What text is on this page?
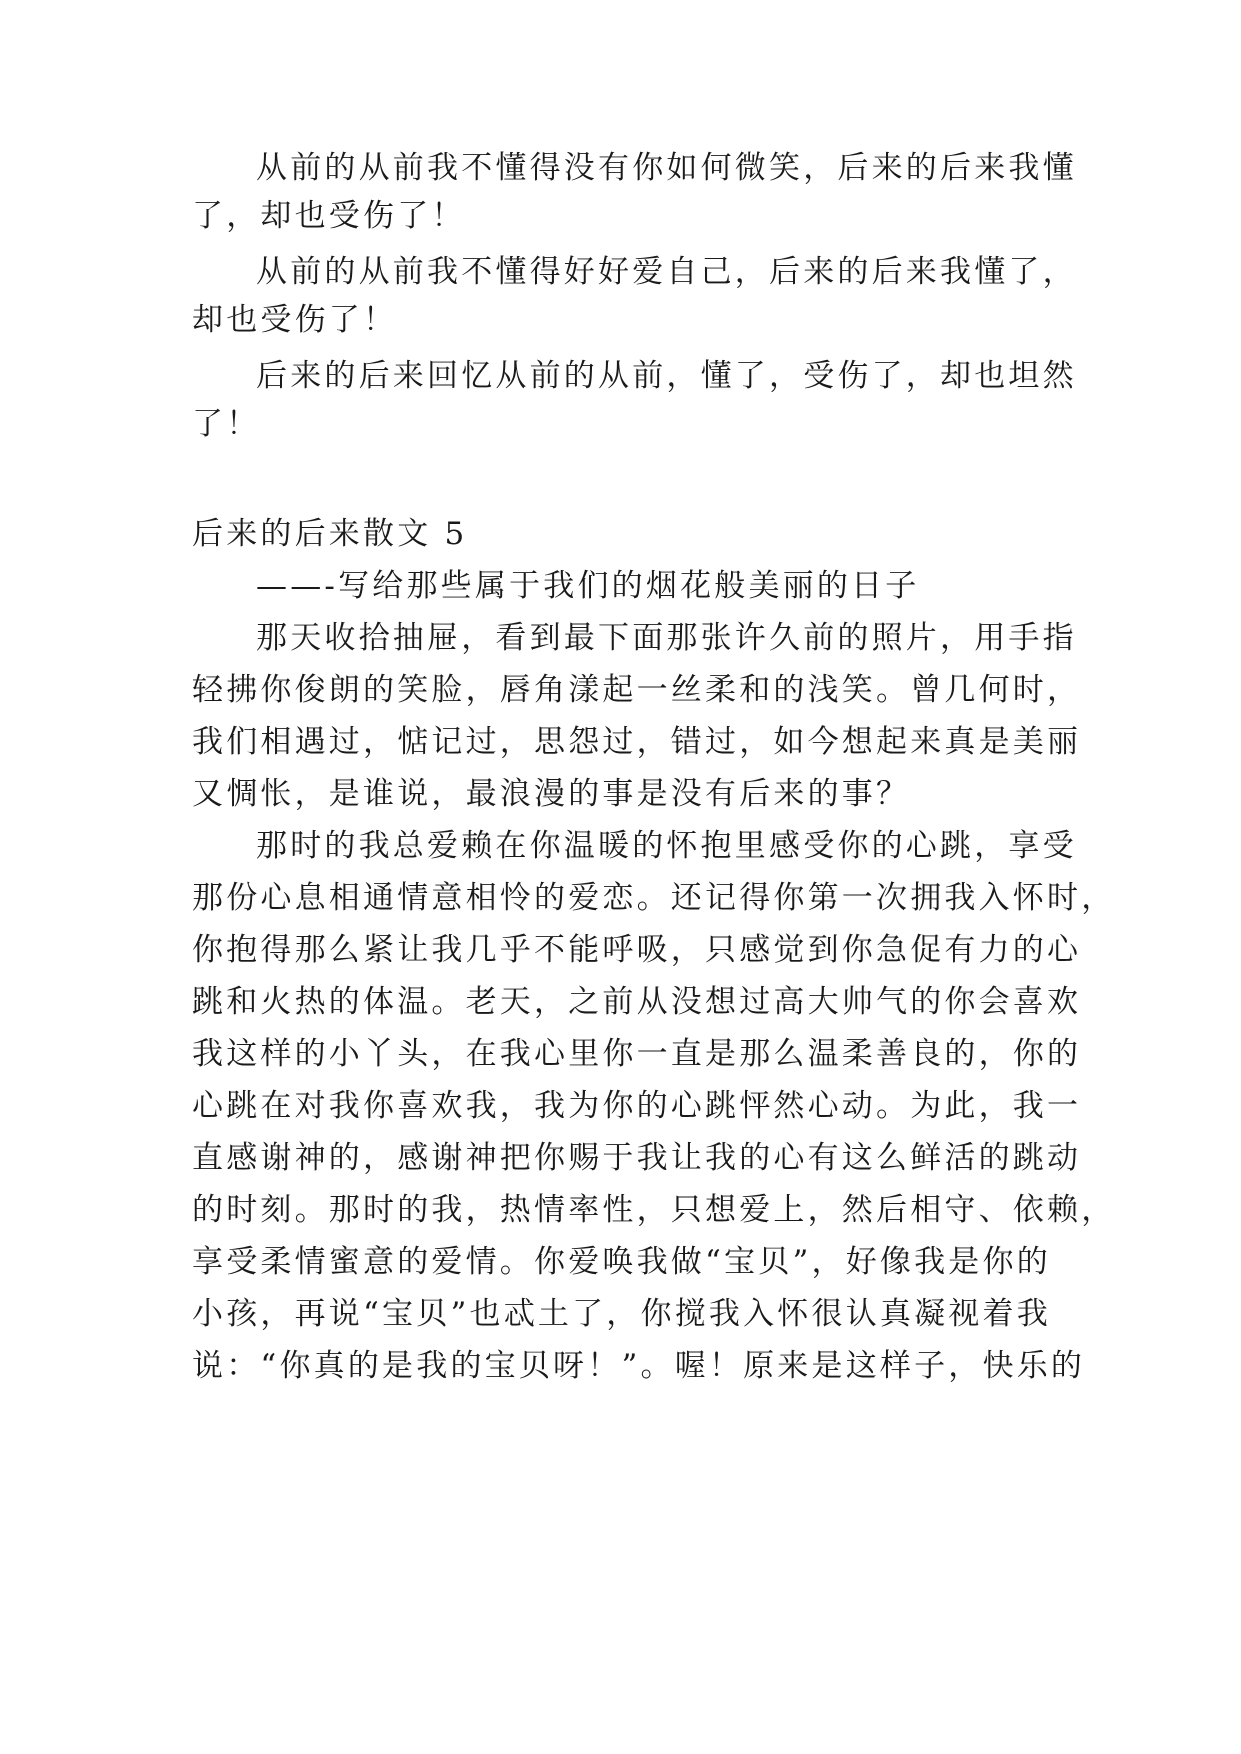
从前的从前我不懂得没有你如何微笑，后来的后来我懂
了，却也受伤了！
从前的从前我不懂得好好爱自己，后来的后来我懂了，
却也受伤了！
后来的后来回忆从前的从前，懂了，受伤了，却也坦然
了！
后来的后来散文 5
——-写给那些属于我们的烟花般美丽的日子
那天收拾抽屉，看到最下面那张许久前的照片，用手指
轻拂你俊朗的笑脸，唇角漾起一丝柔和的浅笑。曾几何时，
我们相遇过，惦记过，思怨过，错过，如今想起来真是美丽
又惆怅，是谁说，最浪漫的事是没有后来的事？
那时的我总爱赖在你温暖的怀抱里感受你的心跳，享受
那份心息相通情意相怜的爱恋。还记得你第一次拥我入怀时，
你抱得那么紧让我几乎不能呼吸，只感觉到你急促有力的心
跳和火热的体温。老天，之前从没想过高大帅气的你会喜欢
我这样的小丫头，在我心里你一直是那么温柔善良的，你的
心跳在对我你喜欢我，我为你的心跳怦然心动。为此，我一
直感谢神的，感谢神把你赐于我让我的心有这么鲜活的跳动
的时刻。那时的我，热情率性，只想爱上，然后相守、依赖，
享受柔情蜜意的爱情。你爱唤我做“宝贝”，好像我是你的
小孩，再说“宝贝”也忒土了，你搅我入怀很认真凝视着我
说：“你真的是我的宝贝呀！”。喔！原来是这样子，快乐的
